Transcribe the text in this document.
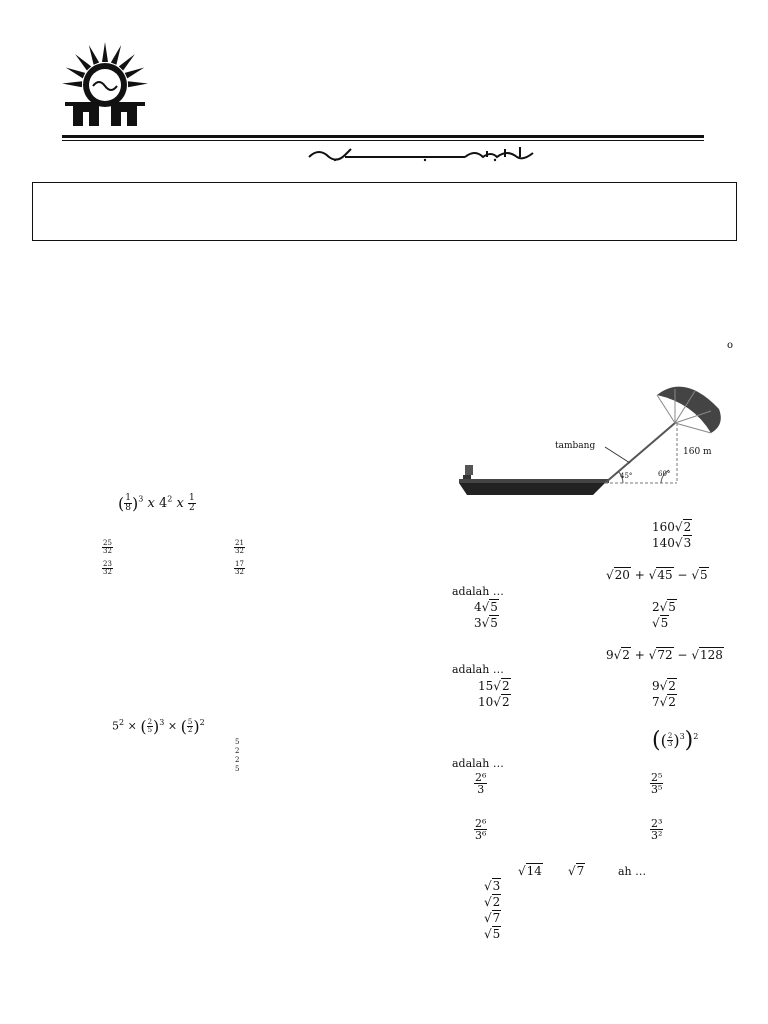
o
( $\frac{1}{8} )^3$ x $4^2$ x $\frac{1}{2}$
$\frac{25}{32}$	$\frac{21}{32}$
$\frac{23}{32}$	$\frac{17}{32}$
$5^2$ × ( $\frac{2}{5} )^3$ × ( $\frac{5}{2} )^2$
5
2
2
5
tambang
160 m
45°	60°
160√2
140√3
√20 + √45 − √5
adalah …
4√5	2√5
3√5	√5
9√2 + √72 − √128
adalah …
15√2	9√2
10√2	7√2
(( $\frac{2}{3} )^3)^2$
adalah …
$\frac{\text{2⁶}}{3}$	$\frac{\text{2⁵}}{\text{3⁵}}$
$\frac{\text{2⁶}}{\text{3⁶}}$	$\frac{\text{2³}}{\text{3²}}$
√14 √7	ah …
√3
√2
√7
√5
